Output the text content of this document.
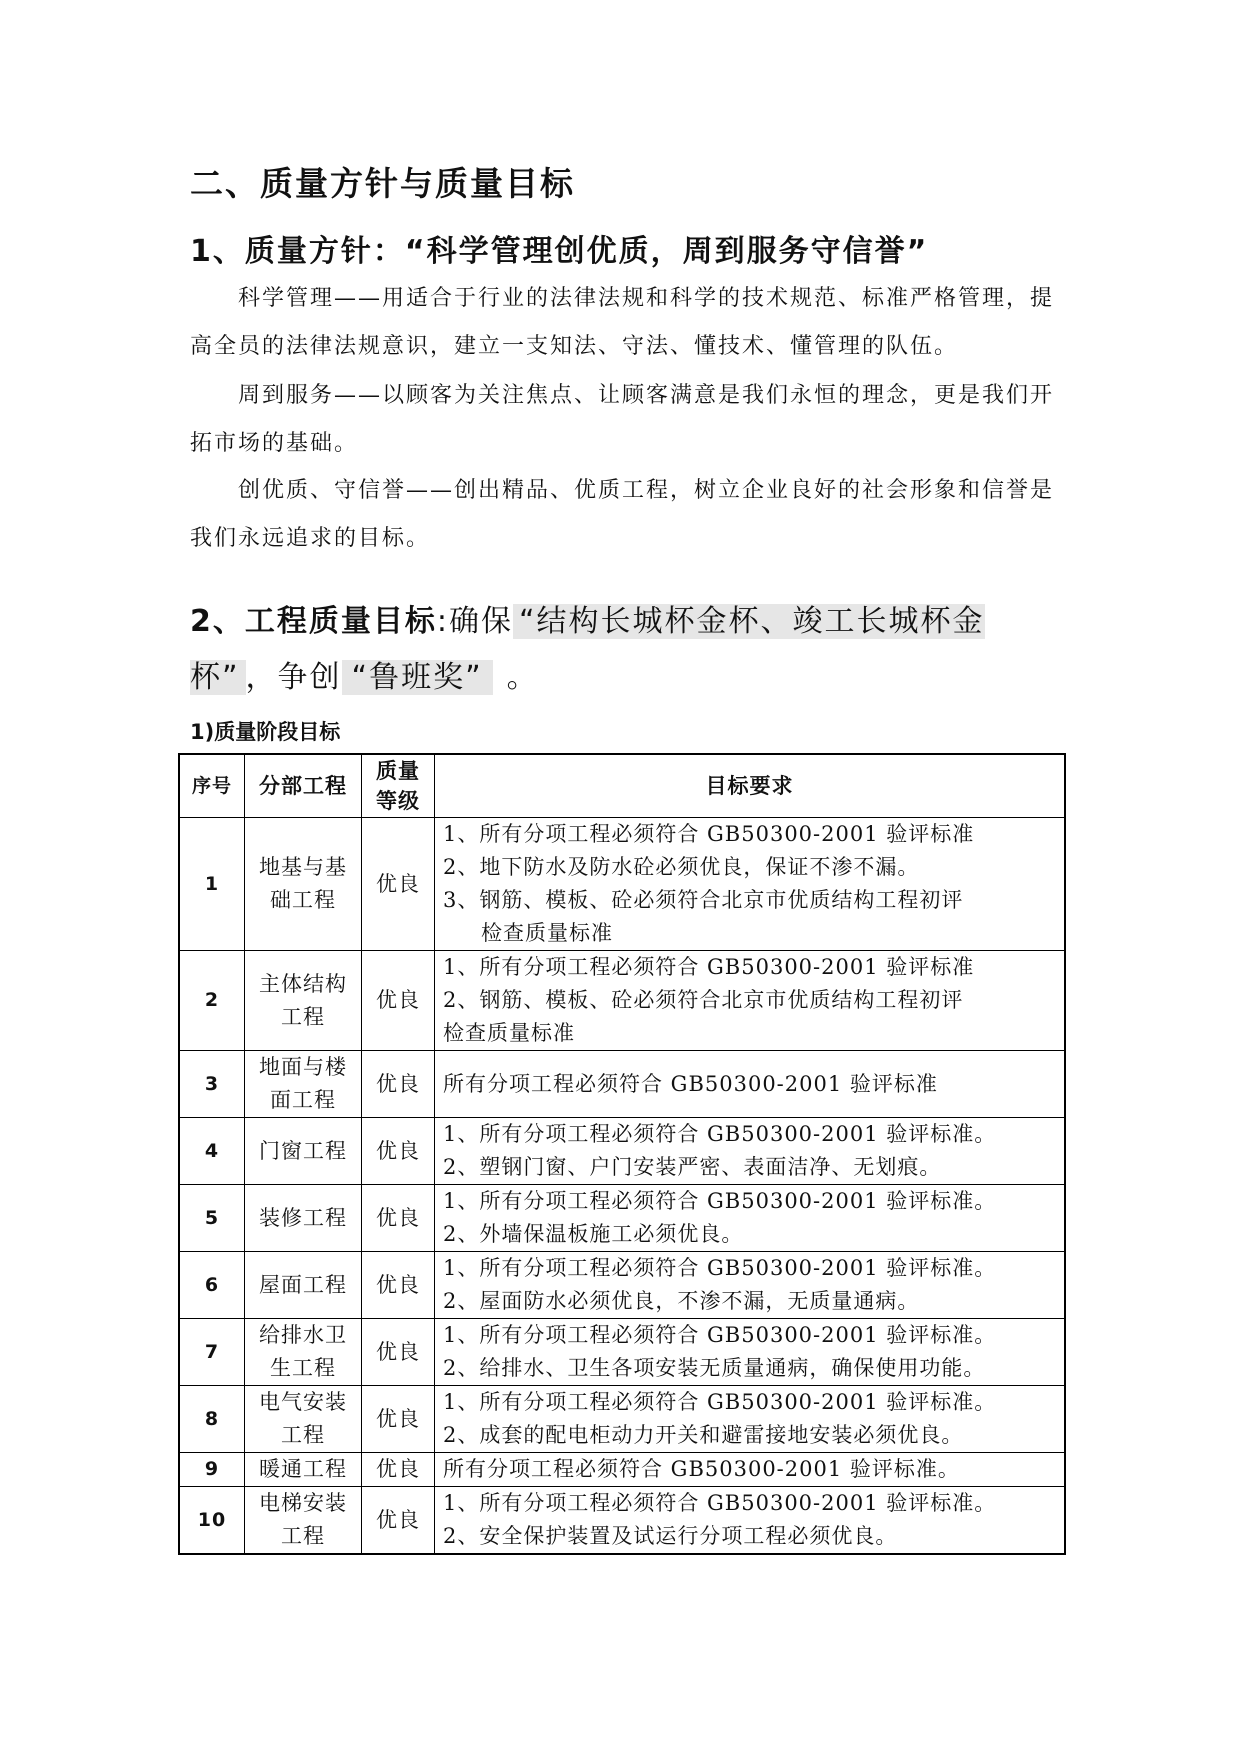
二、质量方针与质量目标
1、质量方针：“科学管理创优质，周到服务守信誉”
科学管理——用适合于行业的法律法规和科学的技术规范、标准严格管理，提高全员的法律法规意识，建立一支知法、守法、懂技术、懂管理的队伍。
周到服务——以顾客为关注焦点、让顾客满意是我们永恒的理念，更是我们开拓市场的基础。
创优质、守信誉——创出精品、优质工程，树立企业良好的社会形象和信誉是我们永远追求的目标。
2、工程质量目标:确保 “结构长城杯金杯、竣工长城杯金杯” ，争创 “鲁班奖” 。
1)质量阶段目标
序号	分部工程	质量等级	目标要求
1	地基与基础工程	优良	1、所有分项工程必须符合 GB50300-2001 验评标准
2、地下防水及防水砼必须优良，保证不渗不漏。
3、钢筋、模板、砼必须符合北京市优质结构工程初评
检查质量标准

2	主体结构工程	优良	1、所有分项工程必须符合 GB50300-2001 验评标准
2、钢筋、模板、砼必须符合北京市优质结构工程初评
检查质量标准

3	地面与楼面工程	优良	所有分项工程必须符合 GB50300-2001 验评标准

4	门窗工程	优良	1、所有分项工程必须符合 GB50300-2001 验评标准。
2、塑钢门窗、户门安装严密、表面洁净、无划痕。

5	装修工程	优良	1、所有分项工程必须符合 GB50300-2001 验评标准。
2、外墙保温板施工必须优良。

6	屋面工程	优良	1、所有分项工程必须符合 GB50300-2001 验评标准。
2、屋面防水必须优良，不渗不漏，无质量通病。

7	给排水卫生工程	优良	1、所有分项工程必须符合 GB50300-2001 验评标准。
2、给排水、卫生各项安装无质量通病，确保使用功能。

8	电气安装工程	优良	1、所有分项工程必须符合 GB50300-2001 验评标准。
2、成套的配电柜动力开关和避雷接地安装必须优良。

9	暖通工程	优良	所有分项工程必须符合 GB50300-2001 验评标准。

10	电梯安装工程	优良	1、所有分项工程必须符合 GB50300-2001 验评标准。
2、安全保护装置及试运行分项工程必须优良。
